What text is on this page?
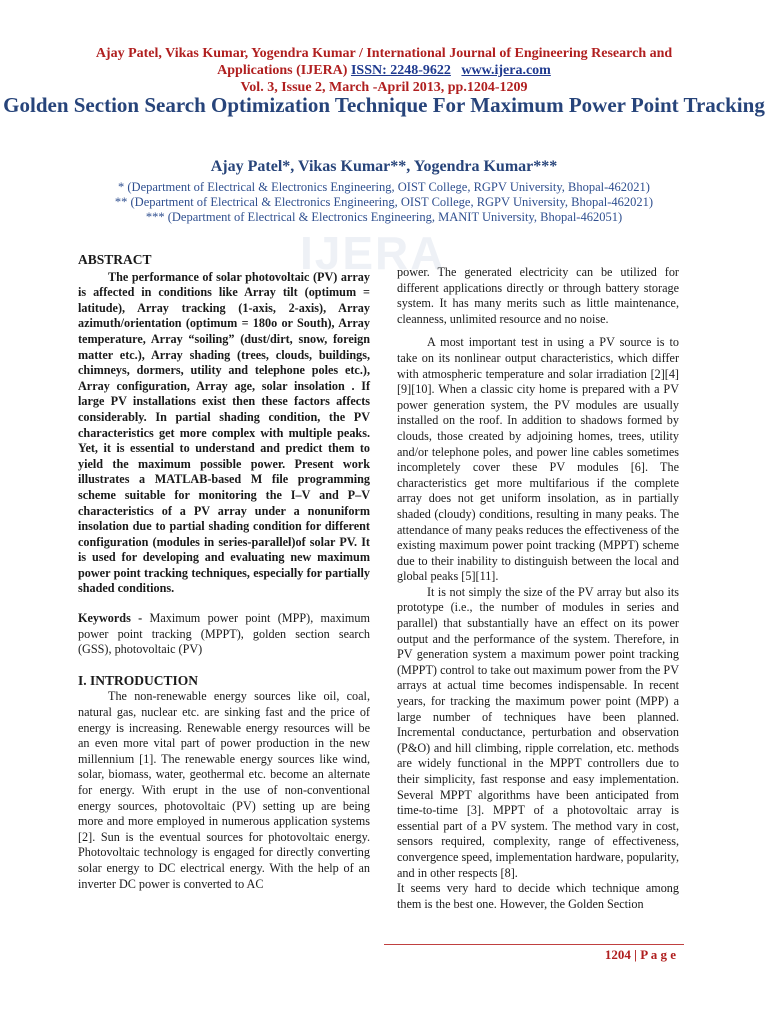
IJERA
Ajay Patel, Vikas Kumar, Yogendra Kumar / International Journal of Engineering Research and
Applications (IJERA) ISSN: 2248-9622 www.ijera.com
Vol. 3, Issue 2, March -April 2013, pp.1204-1209
Golden Section Search Optimization Technique For Maximum Power Point Tracking
Ajay Patel*, Vikas Kumar**, Yogendra Kumar***
* (Department of Electrical & Electronics Engineering, OIST College, RGPV University, Bhopal-462021)
** (Department of Electrical & Electronics Engineering, OIST College, RGPV University, Bhopal-462021)
*** (Department of Electrical & Electronics Engineering, MANIT University, Bhopal-462051)

ABSTRACT

The performance of solar photovoltaic (PV) array is affected in conditions like Array tilt (optimum = latitude), Array tracking (1-axis, 2-axis), Array azimuth/orientation (optimum = 180o or South), Array temperature, Array “soiling” (dust/dirt, snow, foreign matter etc.), Array shading (trees, clouds, buildings, chimneys, dormers, utility and telephone poles etc.), Array configuration, Array age, solar insolation . If large PV installations exist then these factors affects considerably. In partial shading condition, the PV characteristics get more complex with multiple peaks. Yet, it is essential to understand and predict them to yield the maximum possible power. Present work illustrates a MATLAB-based M file programming scheme suitable for monitoring the I–V and P–V characteristics of a PV array under a nonuniform insolation due to partial shading condition for different configuration (modules in series-parallel)of solar PV. It is used for developing and evaluating new maximum power point tracking techniques, especially for partially shaded conditions.

Keywords - Maximum power point (MPP), maximum power point tracking (MPPT), golden section search (GSS), photovoltaic (PV)

I. INTRODUCTION

The non-renewable energy sources like oil, coal, natural gas, nuclear etc. are sinking fast and the price of energy is increasing. Renewable energy resources will be an even more vital part of power production in the new millennium [1]. The renewable energy sources like wind, solar, biomass, water, geothermal etc. become an alternate for energy. With erupt in the use of non-conventional energy sources, photovoltaic (PV) setting up are being more and more employed in numerous application systems [2]. Sun is the eventual sources for photovoltaic energy. Photovoltaic technology is engaged for directly converting solar energy to DC electrical energy. With the help of an inverter DC power is converted to AC

power. The generated electricity can be utilized for different applications directly or through battery storage system. It has many merits such as little maintenance, cleanness, unlimited resource and no noise.

A most important test in using a PV source is to take on its nonlinear output characteristics, which differ with atmospheric temperature and solar irradiation [2][4][9][10]. When a classic city home is prepared with a PV power generation system, the PV modules are usually installed on the roof. In addition to shadows formed by clouds, those created by adjoining homes, trees, utility and/or telephone poles, and power line cables sometimes incompletely cover these PV modules [6]. The characteristics get more multifarious if the complete array does not get uniform insolation, as in partially shaded (cloudy) conditions, resulting in many peaks. The attendance of many peaks reduces the effectiveness of the existing maximum power point tracking (MPPT) scheme due to their inability to distinguish between the local and global peaks [5][11].

It is not simply the size of the PV array but also its prototype (i.e., the number of modules in series and parallel) that substantially have an effect on its power output and the performance of the system. Therefore, in PV generation system a maximum power point tracking (MPPT) control to take out maximum power from the PV arrays at actual time becomes indispensable. In recent years, for tracking the maximum power point (MPP) a large number of techniques have been planned. Incremental conductance, perturbation and observation (P&O) and hill climbing, ripple correlation, etc. methods are widely functional in the MPPT controllers due to their simplicity, fast response and easy implementation. Several MPPT algorithms have been anticipated from time-to-time [3]. MPPT of a photovoltaic array is essential part of a PV system. The method vary in cost, sensors required, complexity, range of effectiveness, convergence speed, implementation hardware, popularity, and in other respects [8].

It seems very hard to decide which technique among them is the best one. However, the Golden Section

1204 | P a g e
